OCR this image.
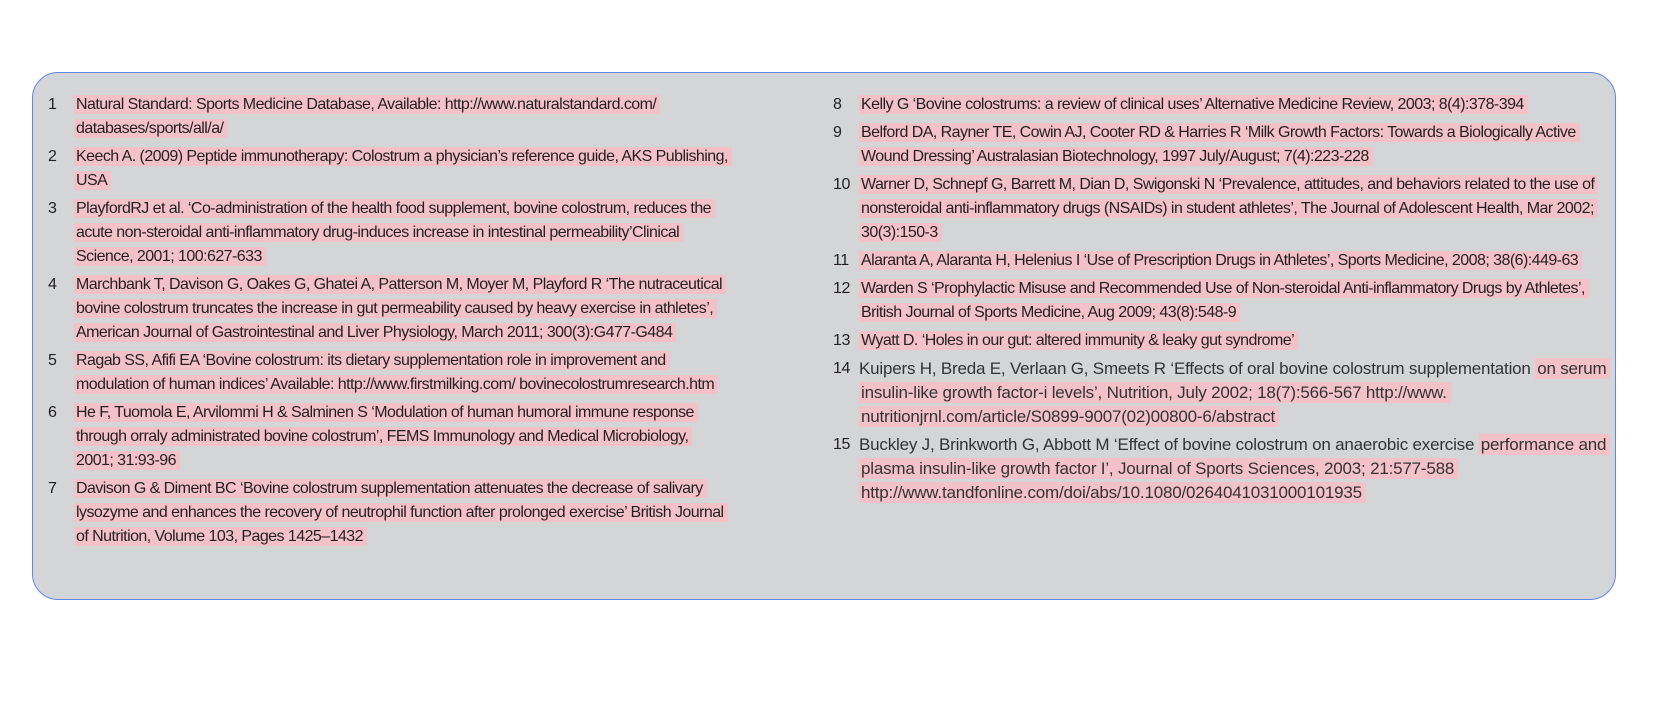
1	Natural Standard: Sports Medicine Database, Available: http://www.naturalstandard.com/ databases/sports/all/a/
2	Keech A. (2009) Peptide immunotherapy: Colostrum a physician’s reference guide, AKS Publishing, USA
3	PlayfordRJ et al. ‘Co-administration of the health food supplement, bovine colostrum, reduces the acute non-steroidal anti-inflammatory drug-induces increase in intestinal permeability’Clinical Science, 2001; 100:627-633
4	Marchbank T, Davison G, Oakes G, Ghatei A, Patterson M, Moyer M, Playford R ‘The nutraceutical bovine colostrum truncates the increase in gut permeability caused by heavy exercise in athletes’, American Journal of Gastrointestinal and Liver Physiology, March 2011; 300(3):G477-G484
5	Ragab SS, Afifi EA ‘Bovine colostrum: its dietary supplementation role in improvement and modulation of human indices’ Available: http://www.firstmilking.com/ bovinecolostrumresearch.htm
6	He F, Tuomola E, Arvilommi H & Salminen S ‘Modulation of human humoral immune response through orraly administrated bovine colostrum’, FEMS Immunology and Medical Microbiology, 2001; 31:93-96
7	Davison G & Diment BC ‘Bovine colostrum supplementation attenuates the decrease of salivary lysozyme and enhances the recovery of neutrophil function after prolonged exercise’ British Journal of Nutrition, Volume 103, Pages 1425–1432
8	Kelly G ‘Bovine colostrums: a review of clinical uses’ Alternative Medicine Review, 2003; 8(4):378-394
9	Belford DA, Rayner TE, Cowin AJ, Cooter RD & Harries R ‘Milk Growth Factors: Towards a Biologically Active Wound Dressing’ Australasian Biotechnology, 1997 July/August; 7(4):223-228
10 Warner D, Schnepf G, Barrett M, Dian D, Swigonski N ‘Prevalence, attitudes, and behaviors related to the use of nonsteroidal anti-inflammatory drugs (NSAIDs) in student athletes’, The Journal of Adolescent Health, Mar 2002; 30(3):150-3
11 Alaranta A, Alaranta H, Helenius I ‘Use of Prescription Drugs in Athletes’, Sports Medicine, 2008; 38(6):449-63
12 Warden S ‘Prophylactic Misuse and Recommended Use of Non-steroidal Anti-inflammatory Drugs by Athletes’, British Journal of Sports Medicine, Aug 2009; 43(8):548-9
13 Wyatt D. ‘Holes in our gut: altered immunity & leaky gut syndrome’
14 Kuipers H, Breda E, Verlaan G, Smeets R ‘Effects of oral bovine colostrum supplementation on serum insulin-like growth factor-i levels’, Nutrition, July 2002; 18(7):566-567 http://www. nutritionjrnl.com/article/S0899-9007(02)00800-6/abstract
15 Buckley J, Brinkworth G, Abbott M ‘Effect of bovine colostrum on anaerobic exercise performance and plasma insulin-like growth factor I’, Journal of Sports Sciences, 2003; 21:577-588 http://www.tandfonline.com/doi/abs/10.1080/0264041031000101935
